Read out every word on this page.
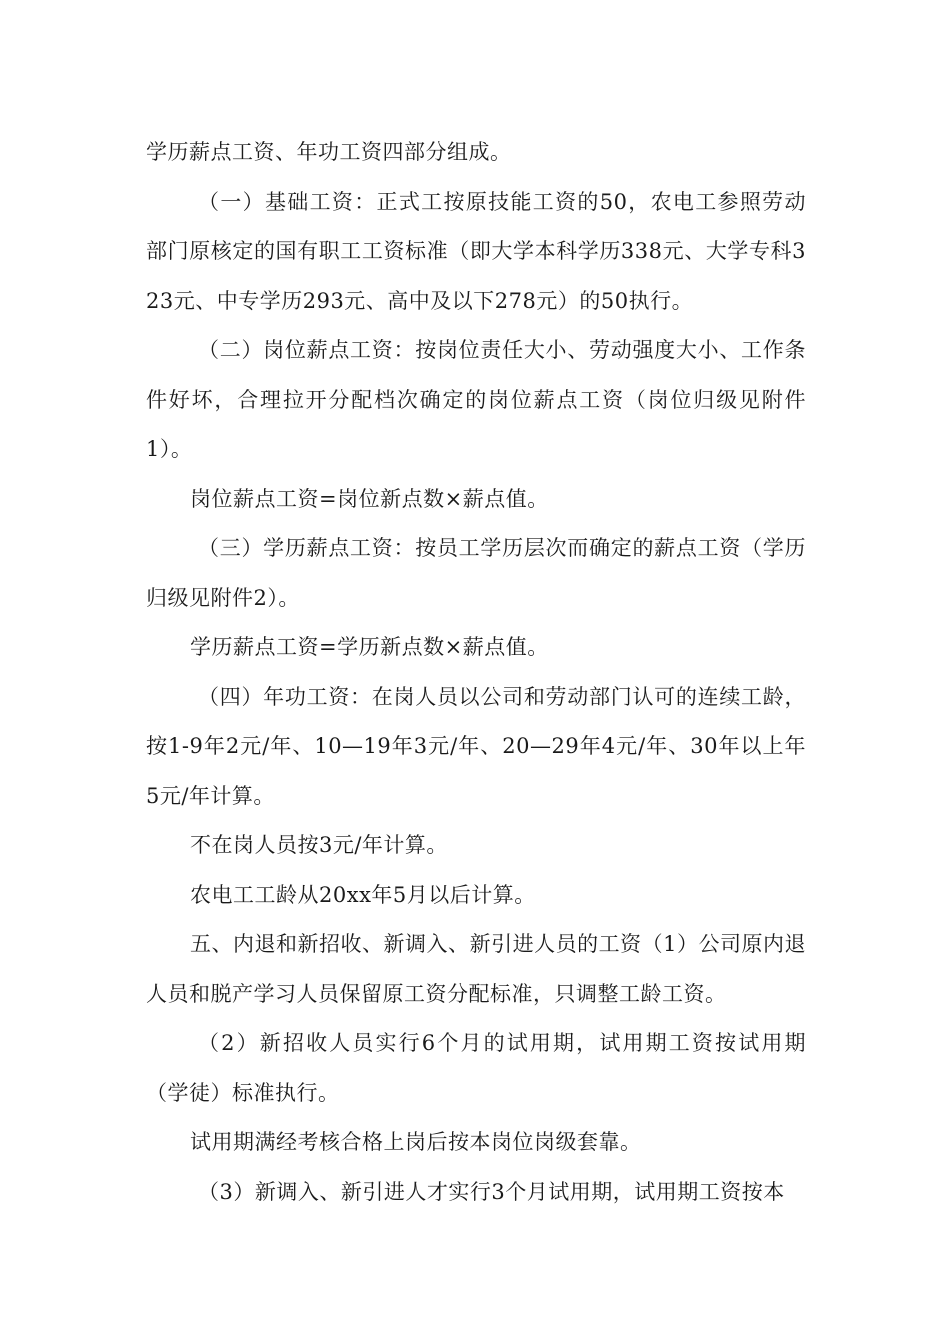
学历薪点工资、年功工资四部分组成。

（一）基础工资：正式工按原技能工资的50，农电工参照劳动部门原核定的国有职工工资标准（即大学本科学历338元、大学专科323元、中专学历293元、高中及以下278元）的50执行。

（二）岗位薪点工资：按岗位责任大小、劳动强度大小、工作条件好坏，合理拉开分配档次确定的岗位薪点工资（岗位归级见附件1）。

岗位薪点工资=岗位新点数×薪点值。

（三）学历薪点工资：按员工学历层次而确定的薪点工资（学历归级见附件2）。

学历薪点工资=学历新点数×薪点值。

（四）年功工资：在岗人员以公司和劳动部门认可的连续工龄，按1-9年2元/年、10—19年3元/年、20—29年4元/年、30年以上年5元/年计算。

不在岗人员按3元/年计算。

农电工工龄从20xx年5月以后计算。

五、内退和新招收、新调入、新引进人员的工资（1）公司原内退人员和脱产学习人员保留原工资分配标准，只调整工龄工资。

（2）新招收人员实行6个月的试用期，试用期工资按试用期（学徒）标准执行。

试用期满经考核合格上岗后按本岗位岗级套靠。

（3）新调入、新引进人才实行3个月试用期，试用期工资按本
